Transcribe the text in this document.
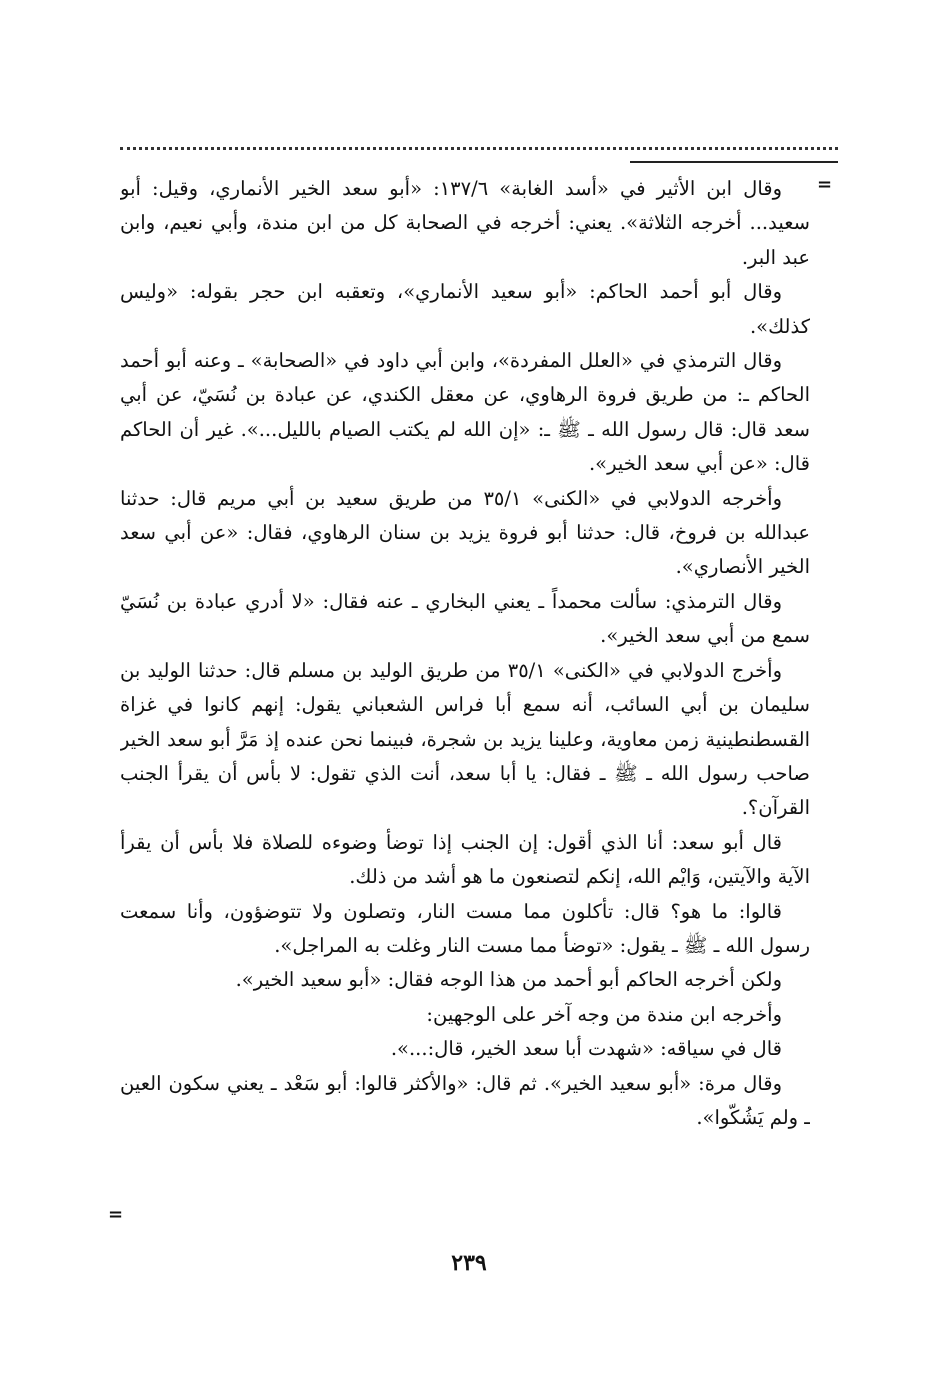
=

وقال ابن الأثير في «أسد الغابة» ١٣٧/٦: «أبو سعد الخير الأنماري، وقيل: أبو سعيد... أخرجه الثلاثة». يعني: أخرجه في الصحابة كل من ابن مندة، وأبي نعيم، وابن عبد البر.

وقال أبو أحمد الحاكم: «أبو سعيد الأنماري»، وتعقبه ابن حجر بقوله: «وليس كذلك».

وقال الترمذي في «العلل المفردة»، وابن أبي داود في «الصحابة» ـ وعنه أبو أحمد الحاكم ـ: من طريق فروة الرهاوي، عن معقل الكندي، عن عبادة بن نُسَيّ، عن أبي سعد قال: قال رسول الله ـ ﷺ ـ: «إن الله لم يكتب الصيام بالليل...». غير أن الحاكم قال: «عن أبي سعد الخير».

وأخرجه الدولابي في «الكنى» ٣٥/١ من طريق سعيد بن أبي مريم قال: حدثنا عبدالله بن فروخ، قال: حدثنا أبو فروة يزيد بن سنان الرهاوي، فقال: «عن أبي سعد الخير الأنصاري».

وقال الترمذي: سألت محمداً ـ يعني البخاري ـ عنه فقال: «لا أدري عبادة بن نُسَيّ سمع من أبي سعد الخير».

وأخرج الدولابي في «الكنى» ٣٥/١ من طريق الوليد بن مسلم قال: حدثنا الوليد بن سليمان بن أبي السائب، أنه سمع أبا فراس الشعباني يقول: إنهم كانوا في غزاة القسطنطينية زمن معاوية، وعلينا يزيد بن شجرة، فبينما نحن عنده إذ مَرَّ أبو سعد الخير صاحب رسول الله ـ ﷺ ـ فقال: يا أبا سعد، أنت الذي تقول: لا بأس أن يقرأ الجنب القرآن؟.

قال أبو سعد: أنا الذي أقول: إن الجنب إذا توضأ وضوءه للصلاة فلا بأس أن يقرأ الآية والآيتين، وَايْم الله، إنكم لتصنعون ما هو أشد من ذلك.

قالوا: ما هو؟ قال: تأكلون مما مست النار، وتصلون ولا تتوضؤون، وأنا سمعت رسول الله ـ ﷺ ـ يقول: «توضأ مما مست النار وغلت به المراجل».

ولكن أخرجه الحاكم أبو أحمد من هذا الوجه فقال: «أبو سعيد الخير».

وأخرجه ابن مندة من وجه آخر على الوجهين:

قال في سياقه: «شهدت أبا سعد الخير، قال:...».

وقال مرة: «أبو سعيد الخير». ثم قال: «والأكثر قالوا: أبو سَعْد ـ يعني سكون العين ـ ولم يَشُكّوا».

=
٢٣٩
